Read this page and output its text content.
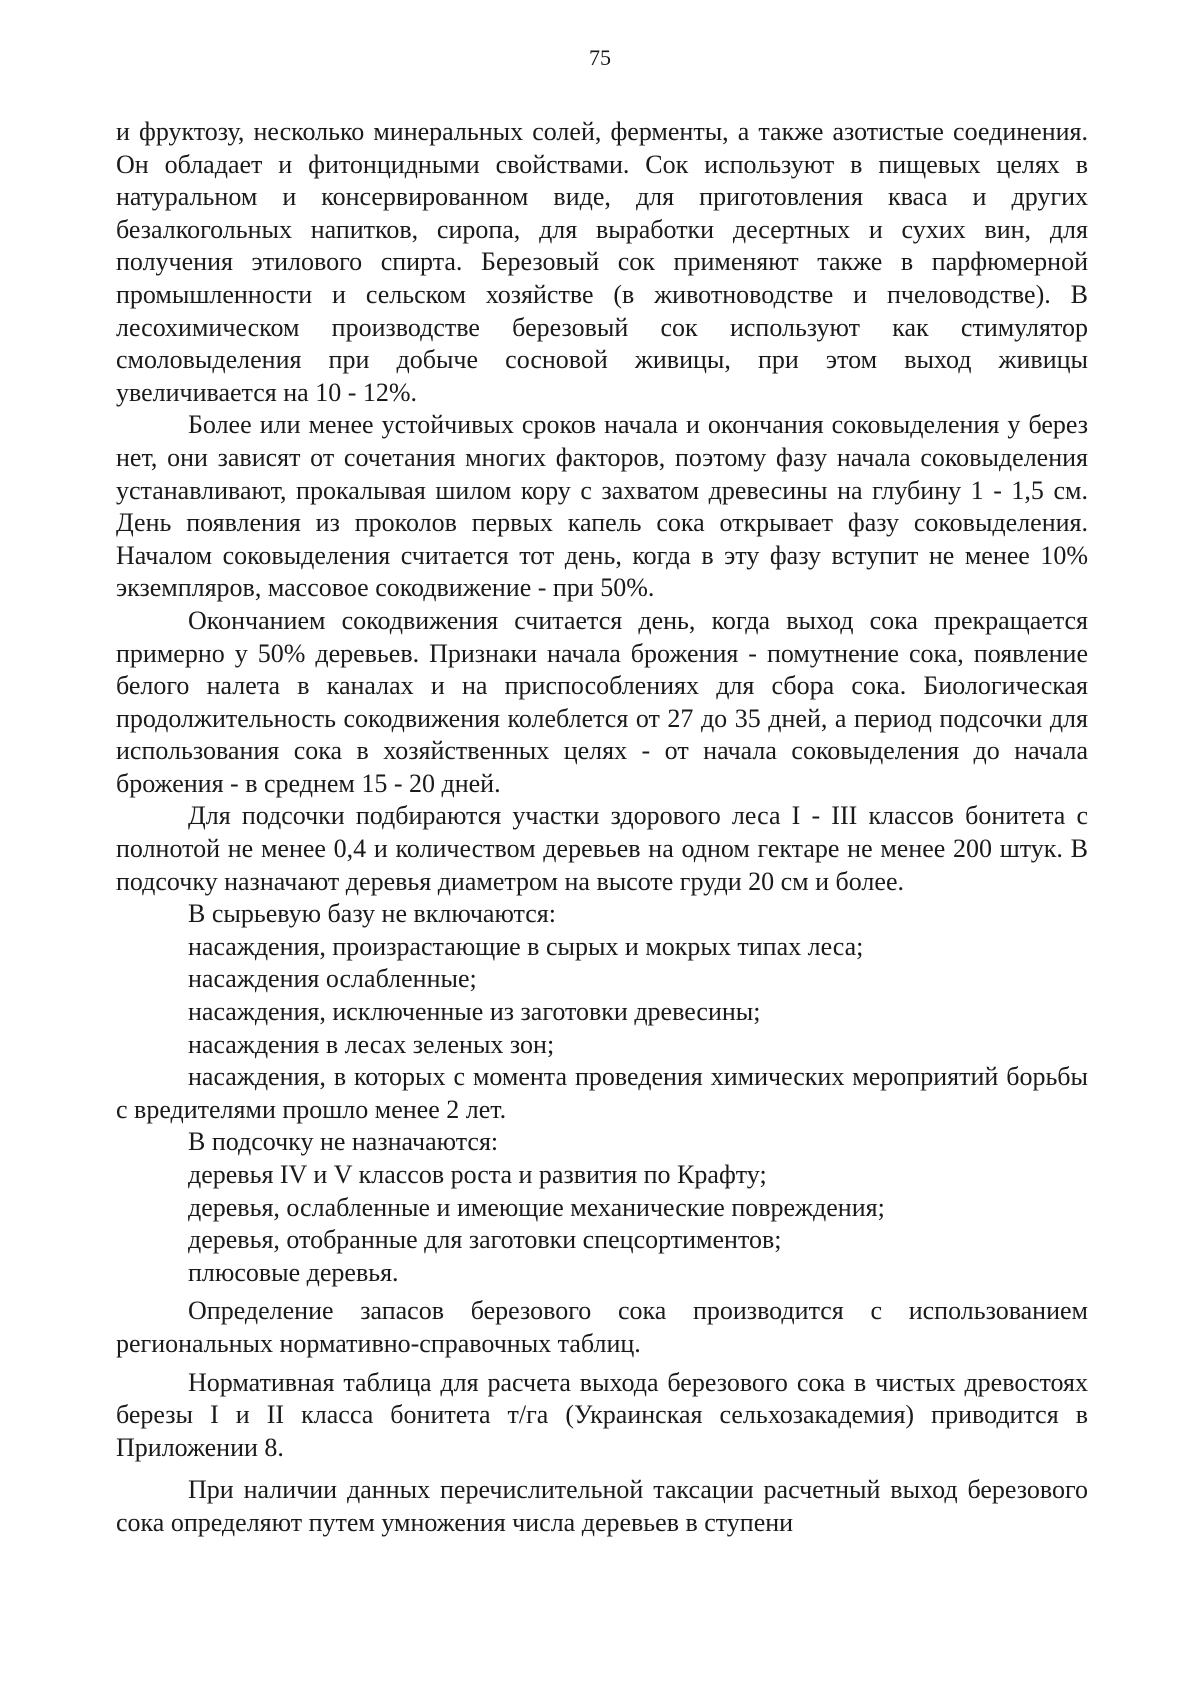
75

и фруктозу, несколько минеральных солей, ферменты, а также азотистые соединения. Он обладает и фитонцидными свойствами. Сок используют в пищевых целях в натуральном и консервированном виде, для приготовления кваса и других безалкогольных напитков, сиропа, для выработки десертных и сухих вин, для получения этилового спирта. Березовый сок применяют также в парфюмерной промышленности и сельском хозяйстве (в животноводстве и пчеловодстве). В лесохимическом производстве березовый сок используют как стимулятор смоловыделения при добыче сосновой живицы, при этом выход живицы увеличивается на 10 - 12%.

Более или менее устойчивых сроков начала и окончания соковыделения у берез нет, они зависят от сочетания многих факторов, поэтому фазу начала соковыделения устанавливают, прокалывая шилом кору с захватом древесины на глубину 1 - 1,5 см. День появления из проколов первых капель сока открывает фазу соковыделения. Началом соковыделения считается тот день, когда в эту фазу вступит не менее 10% экземпляров, массовое сокодвижение - при 50%.

Окончанием сокодвижения считается день, когда выход сока прекращается примерно у 50% деревьев. Признаки начала брожения - помутнение сока, появление белого налета в каналах и на приспособлениях для сбора сока. Биологическая продолжительность сокодвижения колеблется от 27 до 35 дней, а период подсочки для использования сока в хозяйственных целях - от начала соковыделения до начала брожения - в среднем 15 - 20 дней.

Для подсочки подбираются участки здорового леса I - III классов бонитета с полнотой не менее 0,4 и количеством деревьев на одном гектаре не менее 200 штук. В подсочку назначают деревья диаметром на высоте груди 20 см и более.

В сырьевую базу не включаются:

насаждения, произрастающие в сырых и мокрых типах леса;

насаждения ослабленные;

насаждения, исключенные из заготовки древесины;

насаждения в лесах зеленых зон;

насаждения, в которых с момента проведения химических мероприятий борьбы с вредителями прошло менее 2 лет.

В подсочку не назначаются:

деревья IV и V классов роста и развития по Крафту;

деревья, ослабленные и имеющие механические повреждения;

деревья, отобранные для заготовки спецсортиментов;

плюсовые деревья.

Определение запасов березового сока производится с использованием региональных нормативно-справочных таблиц.

Нормативная таблица для расчета выхода березового сока в чистых древостоях березы I и II класса бонитета т/га (Украинская сельхозакадемия) приводится в Приложении 8.

При наличии данных перечислительной таксации расчетный выход березового сока определяют путем умножения числа деревьев в ступени
